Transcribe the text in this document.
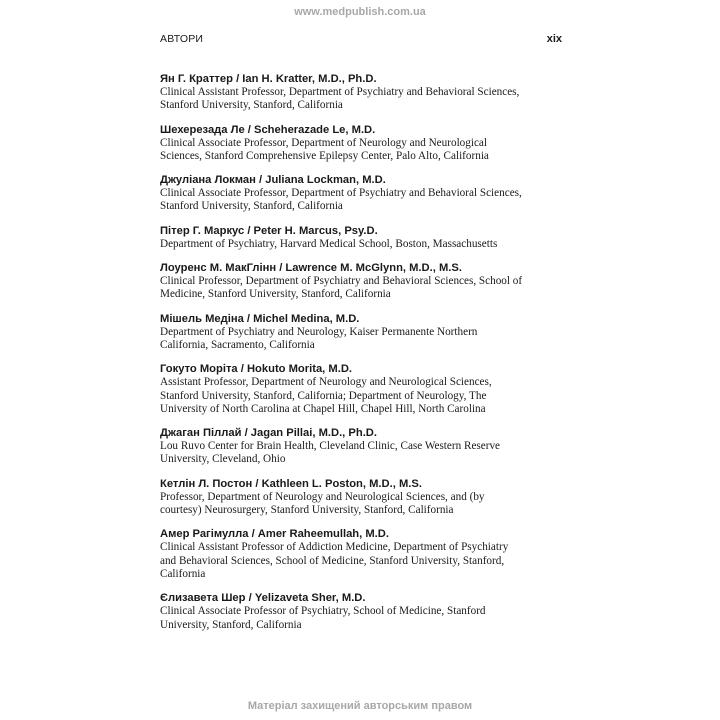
www.medpublish.com.ua
АВТОРИ	xix
Ян Г. Краттер / Ian H. Kratter, M.D., Ph.D.
Clinical Assistant Professor, Department of Psychiatry and Behavioral Sciences,
Stanford University, Stanford, California
Шехерезада Ле / Scheherazade Le, M.D.
Clinical Associate Professor, Department of Neurology and Neurological
Sciences, Stanford Comprehensive Epilepsy Center, Palo Alto, California
Джуліана Локман / Juliana Lockman, M.D.
Clinical Associate Professor, Department of Psychiatry and Behavioral Sciences,
Stanford University, Stanford, California
Пітер Г. Маркус / Peter H. Marcus, Psy.D.
Department of Psychiatry, Harvard Medical School, Boston, Massachusetts
Лоуренс М. МакГлінн / Lawrence M. McGlynn, M.D., M.S.
Clinical Professor, Department of Psychiatry and Behavioral Sciences, School of
Medicine, Stanford University, Stanford, California
Мішель Медіна / Michel Medina, M.D.
Department of Psychiatry and Neurology, Kaiser Permanente Northern
California, Sacramento, California
Гокуто Моріта / Hokuto Morita, M.D.
Assistant Professor, Department of Neurology and Neurological Sciences,
Stanford University, Stanford, California; Department of Neurology, The
University of North Carolina at Chapel Hill, Chapel Hill, North Carolina
Джаган Піллай / Jagan Pillai, M.D., Ph.D.
Lou Ruvo Center for Brain Health, Cleveland Clinic, Case Western Reserve
University, Cleveland, Ohio
Кетлін Л. Постон / Kathleen L. Poston, M.D., M.S.
Professor, Department of Neurology and Neurological Sciences, and (by
courtesy) Neurosurgery, Stanford University, Stanford, California
Амер Рагімулла / Amer Raheemullah, M.D.
Clinical Assistant Professor of Addiction Medicine, Department of Psychiatry
and Behavioral Sciences, School of Medicine, Stanford University, Stanford,
California
Єлизавета Шер / Yelizaveta Sher, M.D.
Clinical Associate Professor of Psychiatry, School of Medicine, Stanford
University, Stanford, California
Матеріал захищений авторським правом
